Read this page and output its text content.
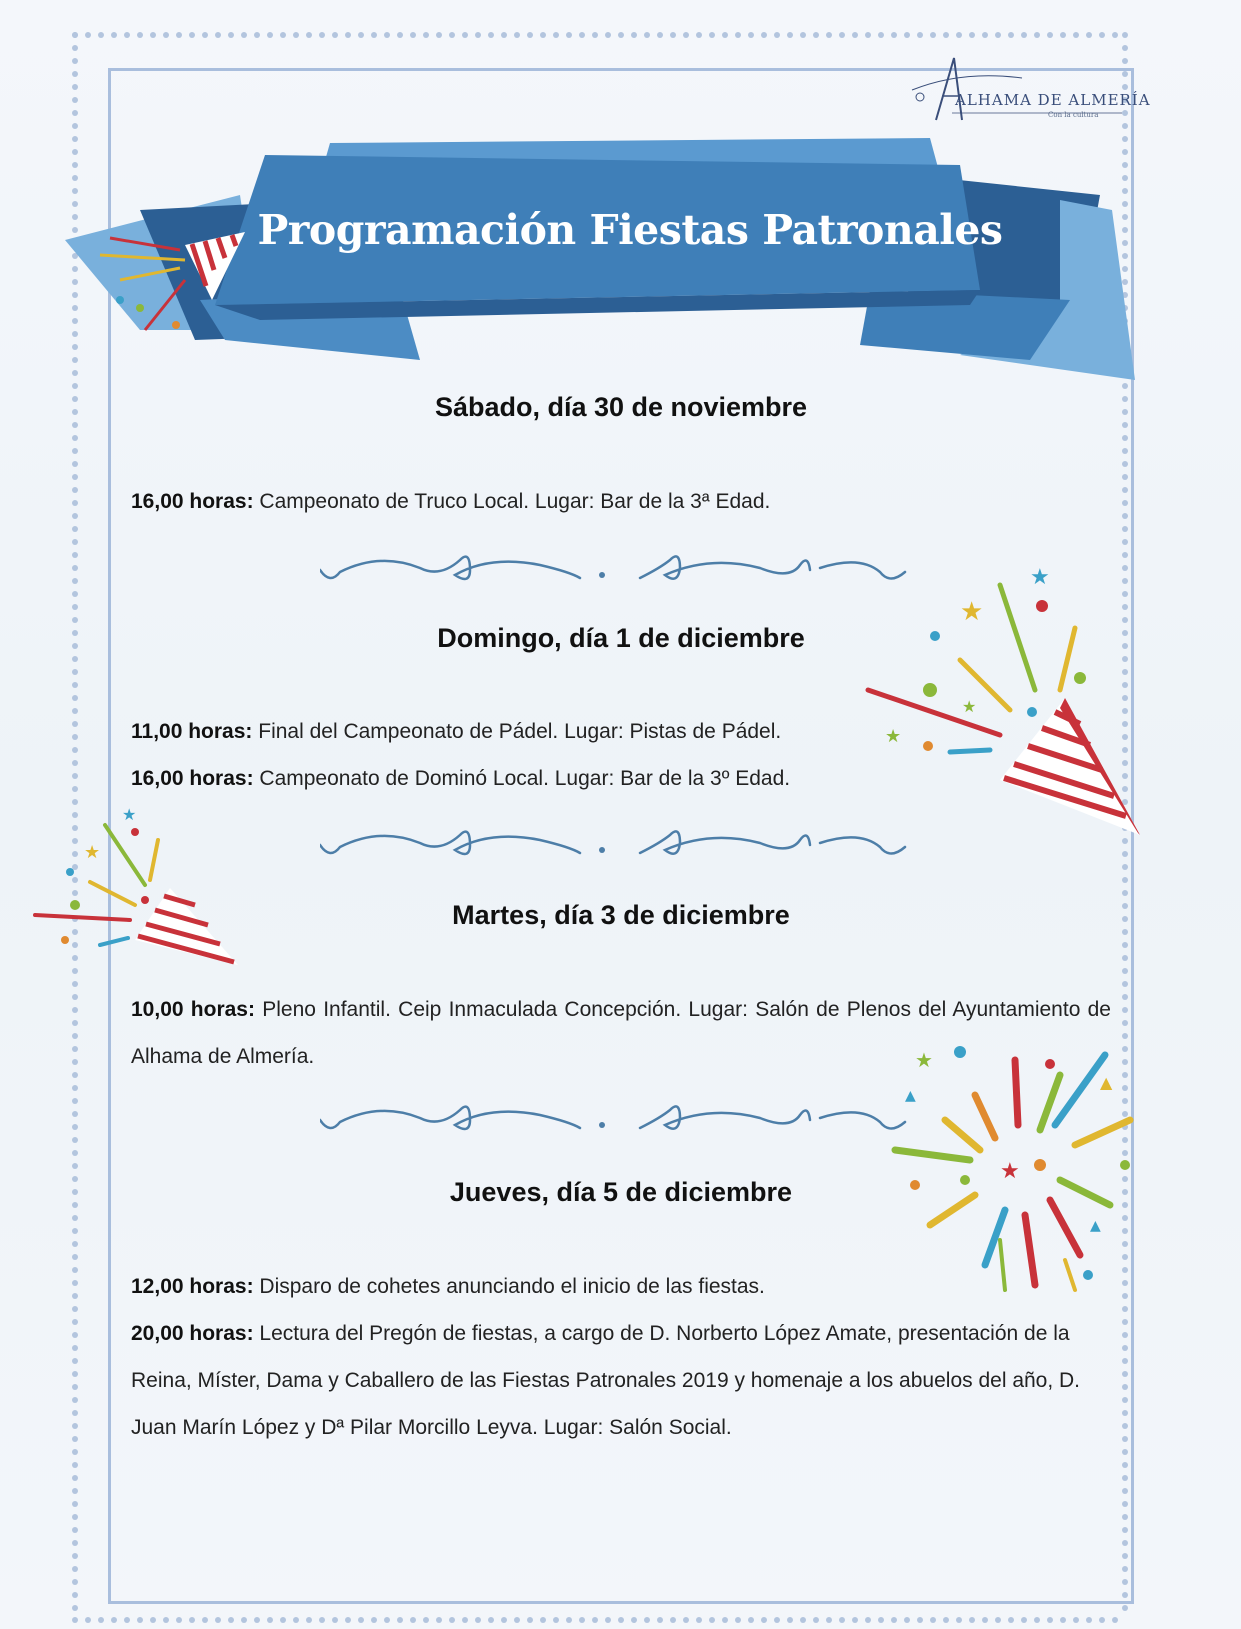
ALHAMA DE ALMERÍA
Con la cultura
Programación Fiestas Patronales
Sábado, día 30 de noviembre
16,00 horas: Campeonato de Truco Local. Lugar: Bar de la 3ª Edad.
Domingo, día 1 de diciembre
11,00 horas: Final del Campeonato de Pádel. Lugar: Pistas de Pádel.
16,00 horas: Campeonato de Dominó Local. Lugar: Bar de la 3º Edad.
Martes, día 3 de diciembre
10,00 horas: Pleno Infantil. Ceip Inmaculada Concepción. Lugar: Salón de Plenos del Ayuntamiento de Alhama de Almería.
Jueves, día 5 de diciembre
12,00 horas: Disparo de cohetes anunciando el inicio de las fiestas.
20,00 horas: Lectura del Pregón de fiestas, a cargo de D. Norberto López Amate, presentación de la Reina, Míster, Dama y Caballero de las Fiestas Patronales 2019 y homenaje a los abuelos del año, D. Juan Marín López y Dª Pilar Morcillo Leyva. Lugar: Salón Social.
★
★
★
★
★
★
★
★
▲
▲
▲
